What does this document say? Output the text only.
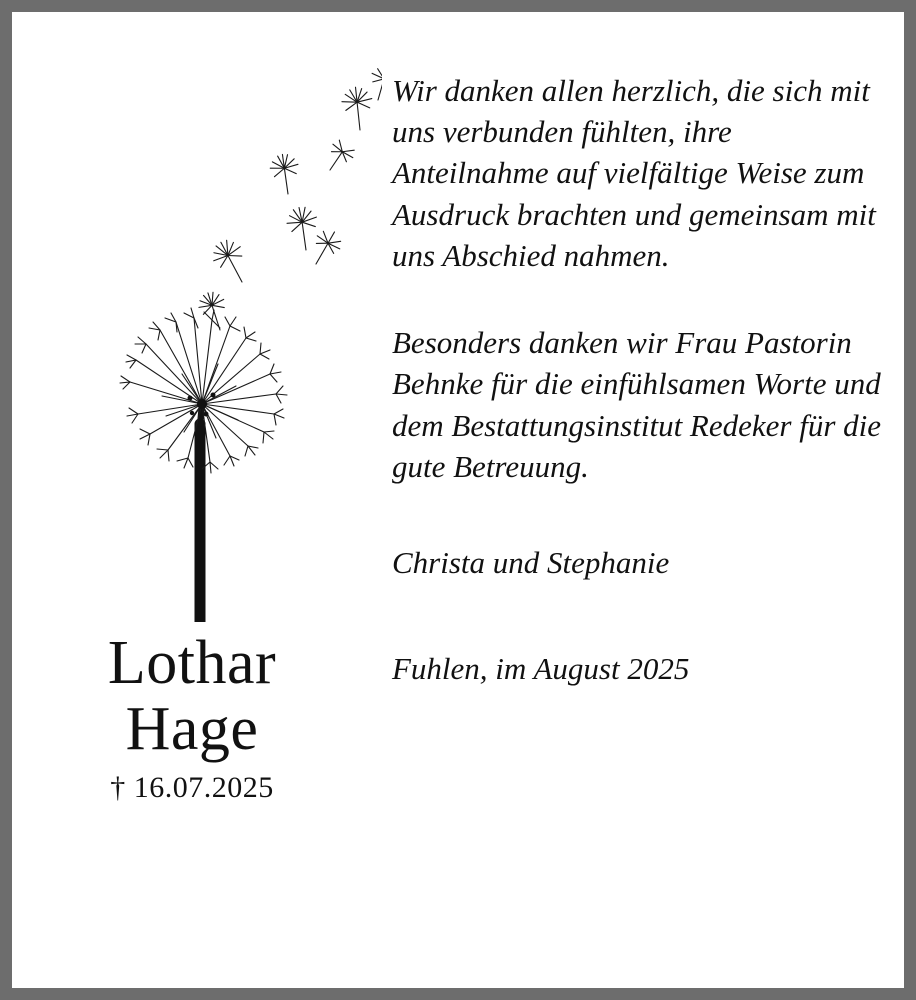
Lothar
Hage
† 16.07.2025
Wir danken allen herzlich, die sich mit uns verbunden fühlten, ihre Anteilnahme auf vielfältige Weise zum Ausdruck brachten und gemeinsam mit uns Abschied nahmen.
Besonders danken wir Frau Pastorin Behnke für die einfühlsamen Worte und dem Bestattungsinstitut Redeker für die gute Betreuung.
Christa und Stephanie
Fuhlen, im August 2025
